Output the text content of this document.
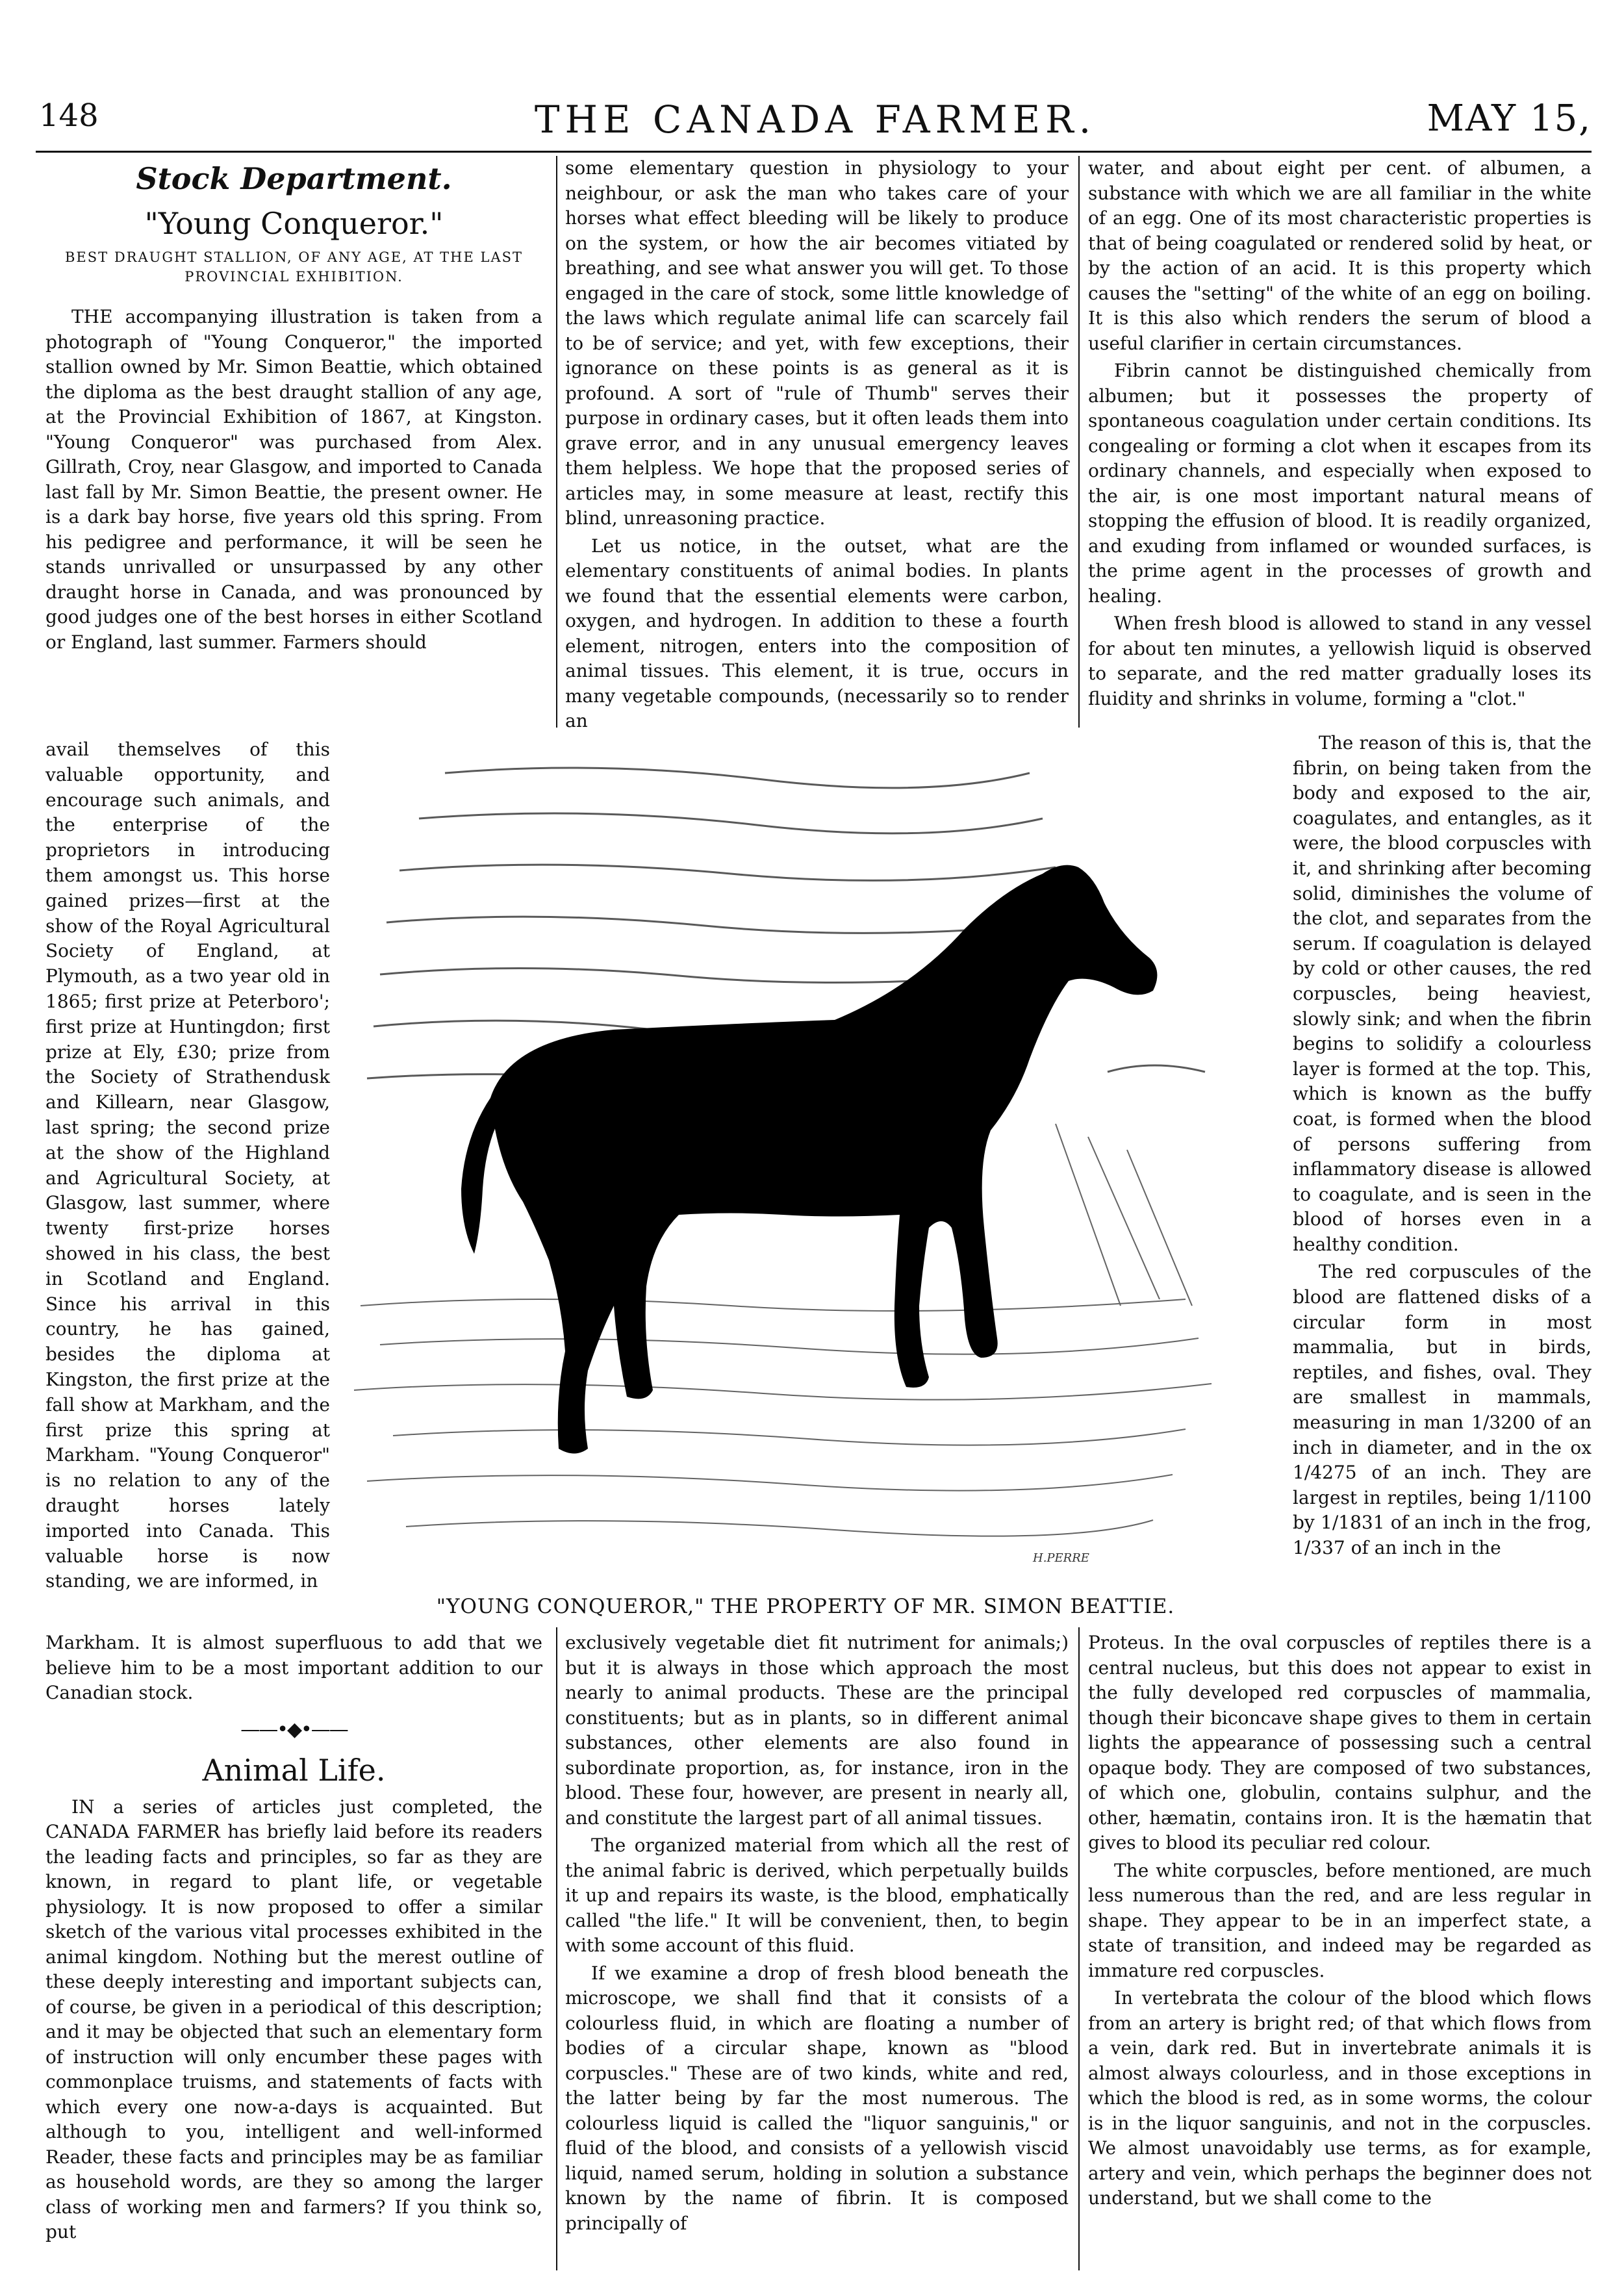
148	THE CANADA FARMER.	MAY 15,
Stock Department.
"Young Conqueror."
BEST DRAUGHT STALLION, OF ANY AGE, AT THE LAST PROVINCIAL EXHIBITION.

THE accompanying illustration is taken from a photograph of "Young Conqueror," the imported stallion owned by Mr. Simon Beattie, which obtained the diploma as the best draught stallion of any age, at the Provincial Exhibition of 1867, at Kingston. "Young Conqueror" was purchased from Alex. Gillrath, Croy, near Glasgow, and imported to Canada last fall by Mr. Simon Beattie, the present owner. He is a dark bay horse, five years old this spring. From his pedigree and performance, it will be seen he stands unrivalled or unsurpassed by any other draught horse in Canada, and was pronounced by good judges one of the best horses in either Scotland or England, last summer. Farmers should

avail themselves of this valuable opportunity, and encourage such animals, and the enterprise of the proprietors in introducing them amongst us. This horse gained prizes—first at the show of the Royal Agricultural Society of England, at Plymouth, as a two year old in 1865; first prize at Peterboro'; first prize at Huntingdon; first prize at Ely, £30; prize from the Society of Strathendusk and Killearn, near Glasgow, last spring; the second prize at the show of the Highland and Agricultural Society, at Glasgow, last summer, where twenty first-prize horses showed in his class, the best in Scotland and England. Since his arrival in this country, he has gained, besides the diploma at Kingston, the first prize at the fall show at Markham, and the first prize this spring at Markham. "Young Conqueror" is no relation to any of the draught horses lately imported into Canada. This valuable horse is now standing, we are informed, in

H.PERRE
"YOUNG CONQUEROR," THE PROPERTY OF MR. SIMON BEATTIE.

Markham. It is almost superfluous to add that we believe him to be a most important addition to our Canadian stock.

——•◆•——
Animal Life.

IN a series of articles just completed, the CANADA FARMER has briefly laid before its readers the leading facts and principles, so far as they are known, in regard to plant life, or vegetable physiology. It is now proposed to offer a similar sketch of the various vital processes exhibited in the animal kingdom. Nothing but the merest outline of these deeply interesting and important subjects can, of course, be given in a periodical of this description; and it may be objected that such an elementary form of instruction will only encumber these pages with commonplace truisms, and statements of facts with which every one now-a-days is acquainted. But although to you, intelligent and well-informed Reader, these facts and principles may be as familiar as household words, are they so among the larger class of working men and farmers? If you think so, put

some elementary question in physiology to your neighbour, or ask the man who takes care of your horses what effect bleeding will be likely to produce on the system, or how the air becomes vitiated by breathing, and see what answer you will get. To those engaged in the care of stock, some little knowledge of the laws which regulate animal life can scarcely fail to be of service; and yet, with few exceptions, their ignorance on these points is as general as it is profound. A sort of "rule of Thumb" serves their purpose in ordinary cases, but it often leads them into grave error, and in any unusual emergency leaves them helpless. We hope that the proposed series of articles may, in some measure at least, rectify this blind, unreasoning practice.

Let us notice, in the outset, what are the elementary constituents of animal bodies. In plants we found that the essential elements were carbon, oxygen, and hydrogen. In addition to these a fourth element, nitrogen, enters into the composition of animal tissues. This element, it is true, occurs in many vegetable compounds, (necessarily so to render an

exclusively vegetable diet fit nutriment for animals;) but it is always in those which approach the most nearly to animal products. These are the principal constituents; but as in plants, so in different animal substances, other elements are also found in subordinate proportion, as, for instance, iron in the blood. These four, however, are present in nearly all, and constitute the largest part of all animal tissues.

The organized material from which all the rest of the animal fabric is derived, which perpetually builds it up and repairs its waste, is the blood, emphatically called "the life." It will be convenient, then, to begin with some account of this fluid.

If we examine a drop of fresh blood beneath the microscope, we shall find that it consists of a colourless fluid, in which are floating a number of bodies of a circular shape, known as "blood corpuscles." These are of two kinds, white and red, the latter being by far the most numerous. The colourless liquid is called the "liquor sanguinis," or fluid of the blood, and consists of a yellowish viscid liquid, named serum, holding in solution a substance known by the name of fibrin. It is composed principally of

water, and about eight per cent. of albumen, a substance with which we are all familiar in the white of an egg. One of its most characteristic properties is that of being coagulated or rendered solid by heat, or by the action of an acid. It is this property which causes the "setting" of the white of an egg on boiling. It is this also which renders the serum of blood a useful clarifier in certain circumstances.

Fibrin cannot be distinguished chemically from albumen; but it possesses the property of spontaneous coagulation under certain conditions. Its congealing or forming a clot when it escapes from its ordinary channels, and especially when exposed to the air, is one most important natural means of stopping the effusion of blood. It is readily organized, and exuding from inflamed or wounded surfaces, is the prime agent in the processes of growth and healing.

When fresh blood is allowed to stand in any vessel for about ten minutes, a yellowish liquid is observed to separate, and the red matter gradually loses its fluidity and shrinks in volume, forming a "clot."

The reason of this is, that the fibrin, on being taken from the body and exposed to the air, coagulates, and entangles, as it were, the blood corpuscles with it, and shrinking after becoming solid, diminishes the volume of the clot, and separates from the serum. If coagulation is delayed by cold or other causes, the red corpuscles, being heaviest, slowly sink; and when the fibrin begins to solidify a colourless layer is formed at the top. This, which is known as the buffy coat, is formed when the blood of persons suffering from inflammatory disease is allowed to coagulate, and is seen in the blood of horses even in a healthy condition.

The red corpuscules of the blood are flattened disks of a circular form in most mammalia, but in birds, reptiles, and fishes, oval. They are smallest in mammals, measuring in man 1/3200 of an inch in diameter, and in the ox 1/4275 of an inch. They are largest in reptiles, being 1/1100 by 1/1831 of an inch in the frog, 1/337 of an inch in the

Proteus. In the oval corpuscles of reptiles there is a central nucleus, but this does not appear to exist in the fully developed red corpuscles of mammalia, though their biconcave shape gives to them in certain lights the appearance of possessing such a central opaque body. They are composed of two substances, of which one, globulin, contains sulphur, and the other, hæmatin, contains iron. It is the hæmatin that gives to blood its peculiar red colour.

The white corpuscles, before mentioned, are much less numerous than the red, and are less regular in shape. They appear to be in an imperfect state, a state of transition, and indeed may be regarded as immature red corpuscles.

In vertebrata the colour of the blood which flows from an artery is bright red; of that which flows from a vein, dark red. But in invertebrate animals it is almost always colourless, and in those exceptions in which the blood is red, as in some worms, the colour is in the liquor sanguinis, and not in the corpuscles. We almost unavoidably use terms, as for example, artery and vein, which perhaps the beginner does not understand, but we shall come to the
